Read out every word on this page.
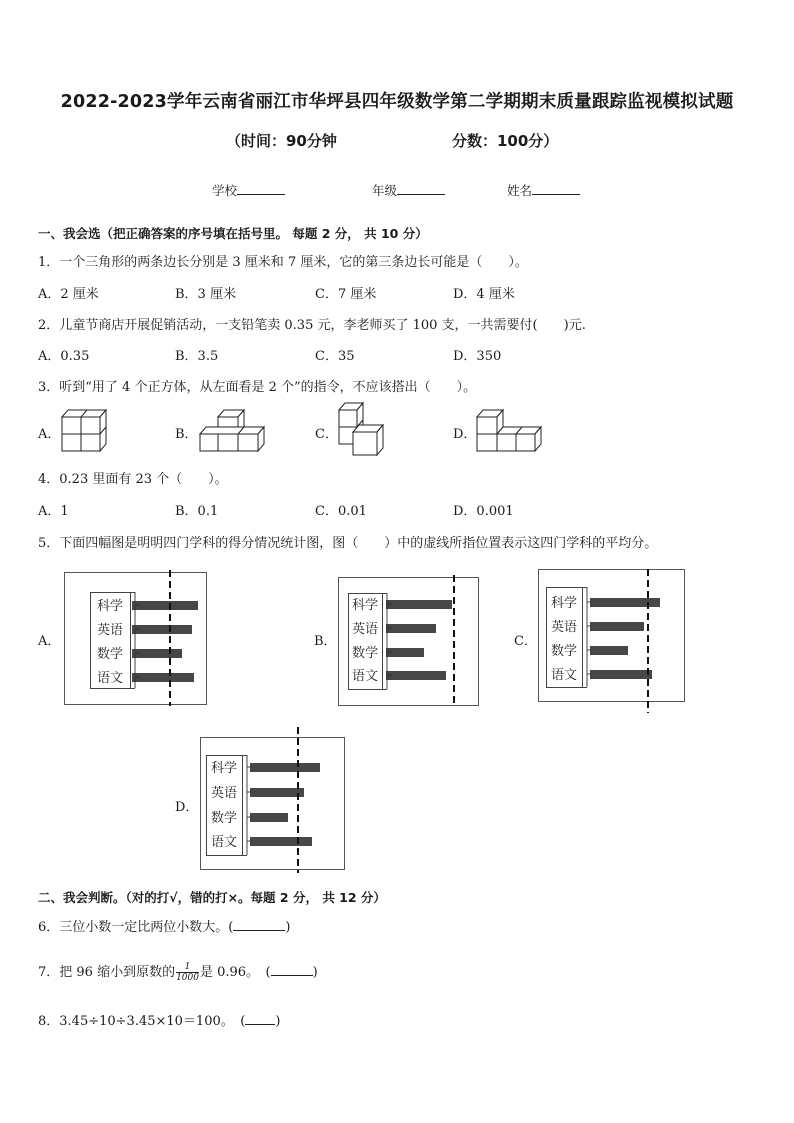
2022-2023学年云南省丽江市华坪县四年级数学第二学期期末质量跟踪监视模拟试题
（时间：90分钟	分数：100分）
学校	年级	姓名
一、我会选（把正确答案的序号填在括号里。 每题 2 分， 共 10 分）
1．一个三角形的两条边长分别是 3 厘米和 7 厘米，它的第三条边长可能是（　　）。
A．2 厘米	B．3 厘米	C．7 厘米	D．4 厘米
2．儿童节商店开展促销活动，一支铅笔卖 0.35 元，李老师买了 100 支，一共需要付(　　)元.
A．0.35	B．3.5	C．35	D．350
3．听到“用了 4 个正方体，从左面看是 2 个”的指令，不应该搭出（　　）。
A．	B．	C．	D．
4．0.23 里面有 23 个（　　）。
A．1	B．0.1	C．0.01	D．0.001
5．下面四幅图是明明四门学科的得分情况统计图，图（　　）中的虚线所指位置表示这四门学科的平均分。
A．	B．	C．
D．
科学
英语
数学
语文
科学
英语
数学
语文
科学
英语
数学
语文
科学
英语
数学
语文
二、我会判断。（对的打√，错的打×。每题 2 分， 共 12 分）
6．三位小数一定比两位小数大。(	)
7．把 96 缩小到原数的 $\frac{1}{1000}$ 是 0.96。　(	)
8．3.45÷10÷3.45×10＝100。　( )
